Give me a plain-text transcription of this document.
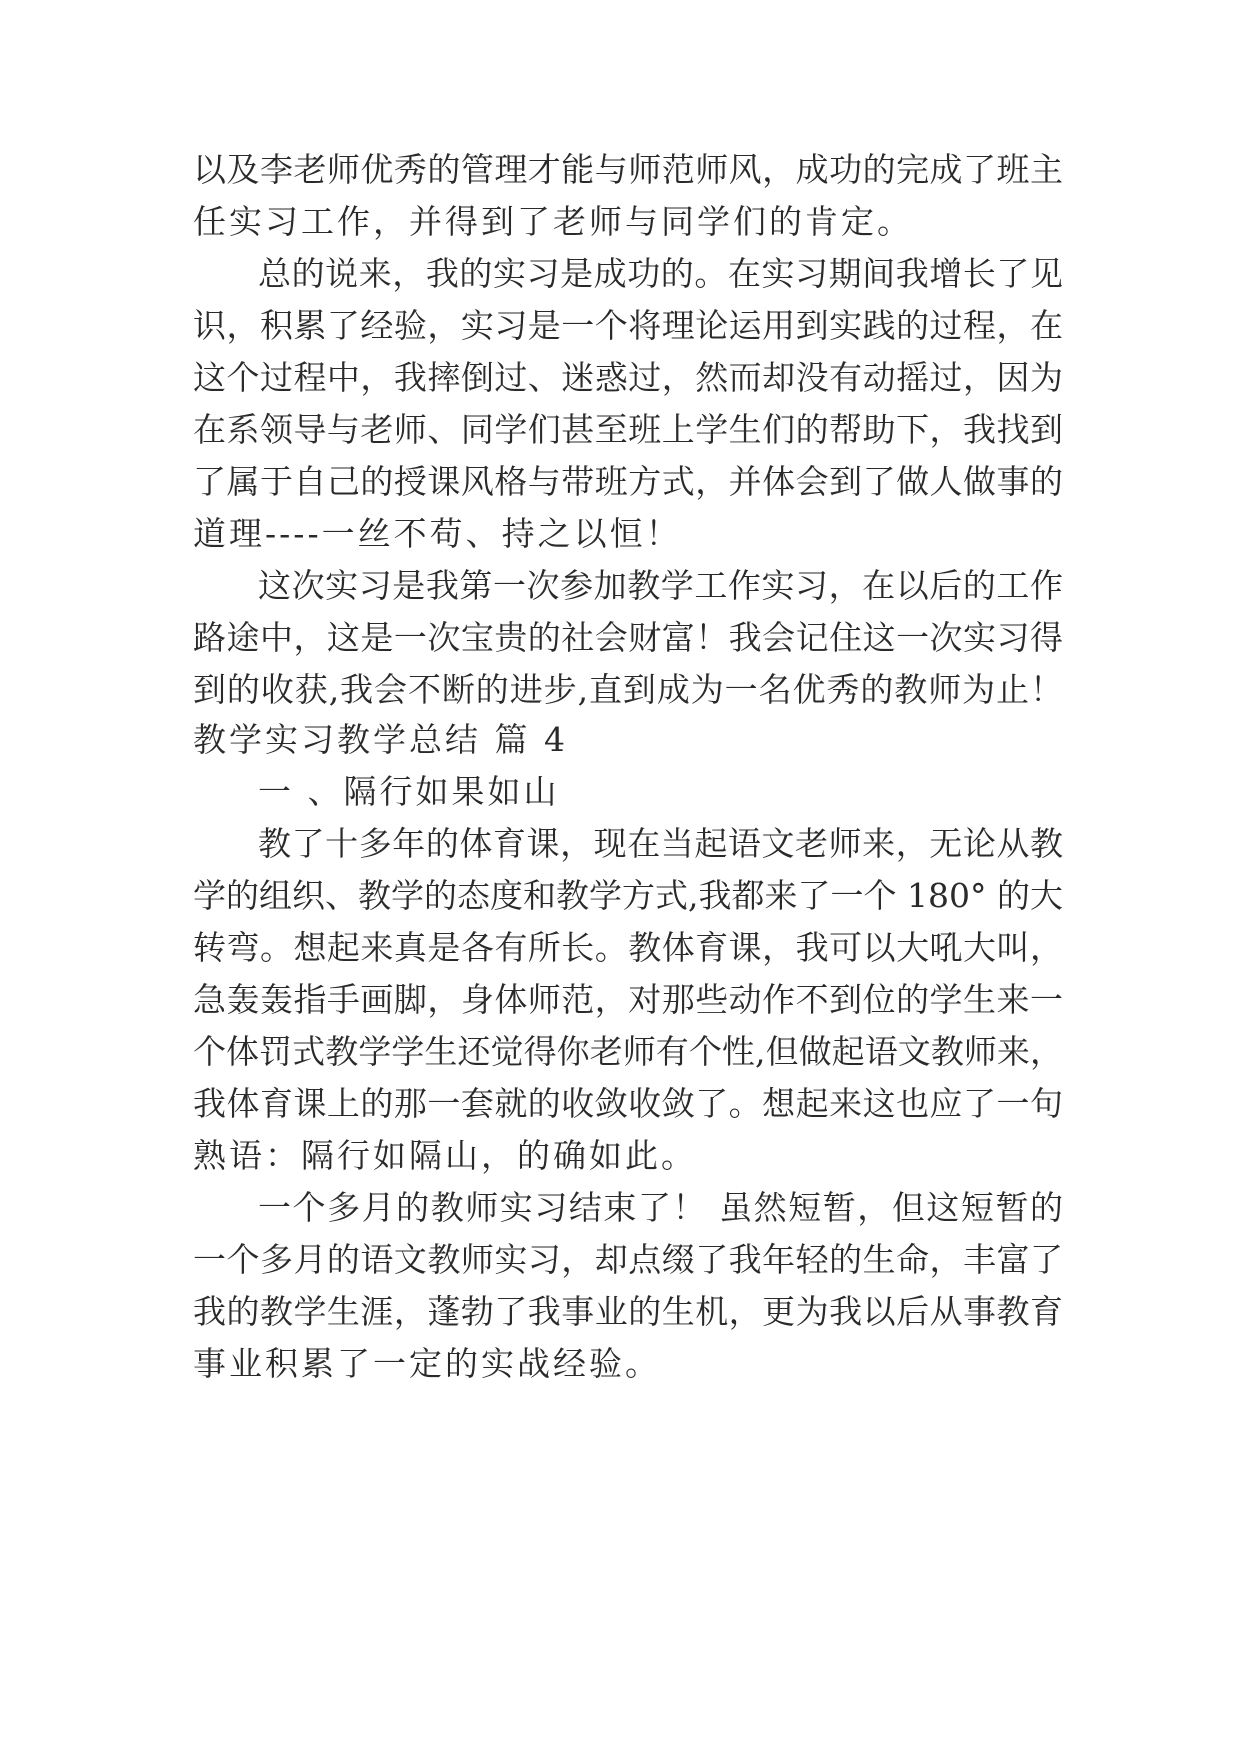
以及李老师优秀的管理才能与师范师风，成功的完成了班主
任实习工作，并得到了老师与同学们的肯定。
总的说来，我的实习是成功的。在实习期间我增长了见
识，积累了经验，实习是一个将理论运用到实践的过程，在
这个过程中，我摔倒过、迷惑过，然而却没有动摇过，因为
在系领导与老师、同学们甚至班上学生们的帮助下，我找到
了属于自己的授课风格与带班方式，并体会到了做人做事的
道理----一丝不苟、持之以恒！
这次实习是我第一次参加教学工作实习，在以后的工作
路途中，这是一次宝贵的社会财富！我会记住这一次实习得
到的收获,我会不断的进步,直到成为一名优秀的教师为止！
教学实习教学总结 篇 4
一 、隔行如果如山
教了十多年的体育课，现在当起语文老师来，无论从教
学的组织、教学的态度和教学方式,我都来了一个 180° 的大
转弯。想起来真是各有所长。教体育课，我可以大吼大叫，
急轰轰指手画脚，身体师范，对那些动作不到位的学生来一
个体罚式教学学生还觉得你老师有个性,但做起语文教师来，
我体育课上的那一套就的收敛收敛了。想起来这也应了一句
熟语：隔行如隔山，的确如此。
一个多月的教师实习结束了！ 虽然短暂，但这短暂的
一个多月的语文教师实习，却点缀了我年轻的生命，丰富了
我的教学生涯，蓬勃了我事业的生机，更为我以后从事教育
事业积累了一定的实战经验。
